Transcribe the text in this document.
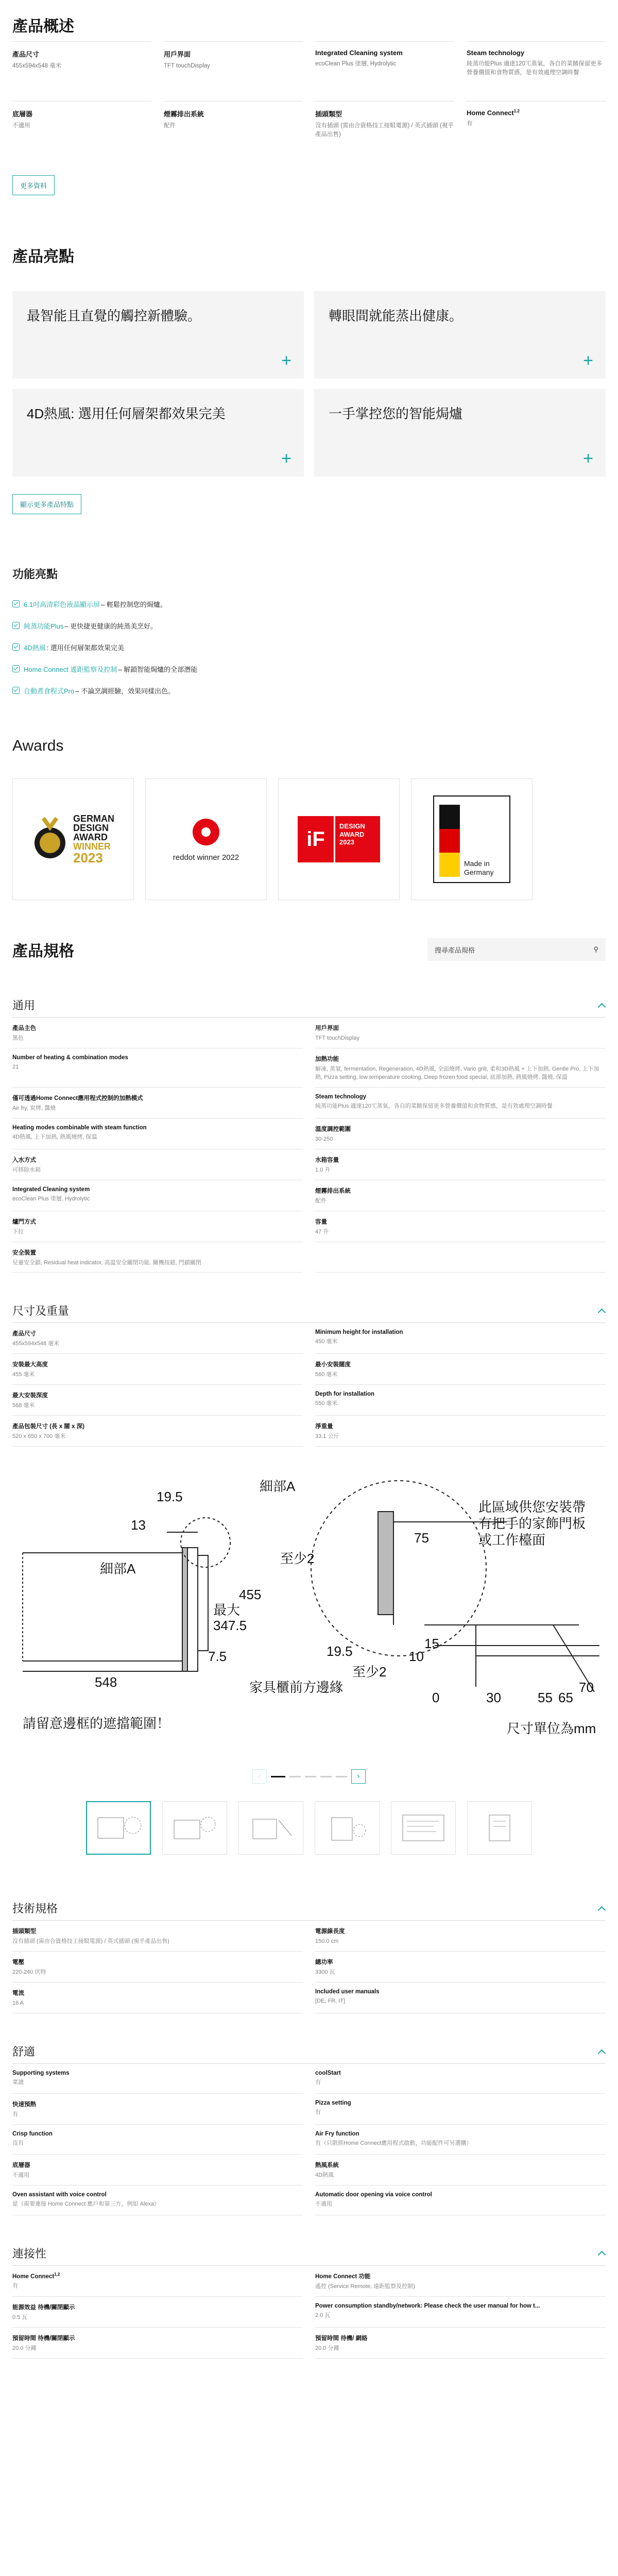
產品概述
產品尺寸
455x594x548 毫米
用戶界面
TFT touchDisplay
Integrated Cleaning system
ecoClean Plus 塗層, Hydrolytic
Steam technology
純蒸功能Plus 適達120℃蒸氣，各自的菜餚保留更多營養價值和食物質感，是有效處理空調時餐
底層器
不適用
煙霧排出系統
配件
插頭類型
沒有插頭 (需由合資格技工接駁電源) / 英式插頭 (視乎產品出售)
Home Connect$^{1,2}$
有
更多資料
產品亮點
最智能且直覺的觸控新體驗。
+
轉眼間就能蒸出健康。
+
4D熱風: 選用任何層架都效果完美
+
一手掌控您的智能焗爐
+
顯示更多產品特點
功能亮點
6.1吋高清彩色液晶顯示屏 – 輕鬆控制您的焗爐。
純蒸功能Plus – 更快捷更健康的純蒸美烹好。
4D熱風 : 選用任何層架都效果完美
Home Connect 遙距監察及控制 – 解鎖智能焗爐的全部潛能
自動煮食程式Pro – 不論烹調經驗，效果同樣出色。
Awards
GERMAN
DESIGN
AWARD
WINNER
2023	reddot winner 2022
iF
DESIGN
AWARD
2023
Made in
Germany
產品規格	搜尋產品規格	⚲
通用
產品主色
黑色
用戶界面
TFT touchDisplay
Number of heating & combination modes
21
加熱功能
解凍, 蒸氣, fermentation, Regeneration, 4D熱風, 全面燒烤, Vario grill, 柔和3D熱風 + 上下加熱, Gentle Pro, 上下加熱, Pizza setting, low temperature cooking, Deep frozen food special, 底部加熱, 熱風燒烤, 醬燒, 保溫
僅可透過Home Connect應用程式控制的加熱模式
Air fry, 炭烤, 醬燒
Steam technology
純蒸功能Plus 適達120℃蒸氣，各自的菜餚保留更多營養價值和食物質感，是有效處理空調時餐
Heating modes combinable with steam function
4D熱風, 上下加熱, 熱風燒烤, 保溫
溫度調控範圍
30-250
入水方式
可移除水箱
水箱容量
1.0 升
Integrated Cleaning system
ecoClean Plus 塗層, Hydrolytic
煙霧排出系統
配件
爐門方式
下拉
容量
47 升
安全裝置
兒童安全鎖, Residual heat indicator, 高溫安全關閉功能, 關機按鈕, 門鎖關閉
尺寸及重量
產品尺寸
455x594x548 毫米
Minimum height for installation
450 毫米
安裝最大高度
455 毫米
最小安裝闊度
560 毫米
最大安裝深度
568 毫米
Depth for installation
550 毫米
產品包裝尺寸 (長 x 闊 x 深)
520 x 650 x 700 毫米
淨重量
33.1 公斤
19.5
13
細部A
細部A
455
最大
347.5
548
7.5
至少2
75
至少2
19.5	10
15
0	30	55 65
70
此區域供您安裝帶
有把手的家飾門板
或工作檯面
家具櫃前方邊緣
請留意邊框的遮擋範圍！	尺寸單位為mm
‹	›
技術規格
插頭類型
沒有插頭 (需由合資格技工接駁電源) / 英式插頭 (視乎產品出售)
電源線長度
150.0 cm
電壓
220-240 伏特
總功率
3300 瓦
電流
16 A
Included user manuals
[DE, FR, IT]
舒適
Supporting systems
菜譜
coolStart
有
快速預熱
有
Pizza setting
有
Crisp function
沒有
Air Fry function
有（只限經Home Connect應用程式啟動，功能配件可另選購）
底層器
不適用
熱風系統
4D熱風
Oven assistant with voice control
是（需要連接 Home Connect 應戶和第三方，例如 Alexa）
Automatic door opening via voice control
不適用
連接性
Home Connect$^{1,2}$
有
Home Connect 功能
遙控 (Service Remote, 遠距監察及控制)
能源效益 待機/關閉顯示
0.5 瓦
Power consumption standby/network: Please check the user manual for how t...
2.0 瓦
預留時間 待機/關閉顯示
20.0 分鐘
預留時間 待機/ 網絡
20.0 分鐘
